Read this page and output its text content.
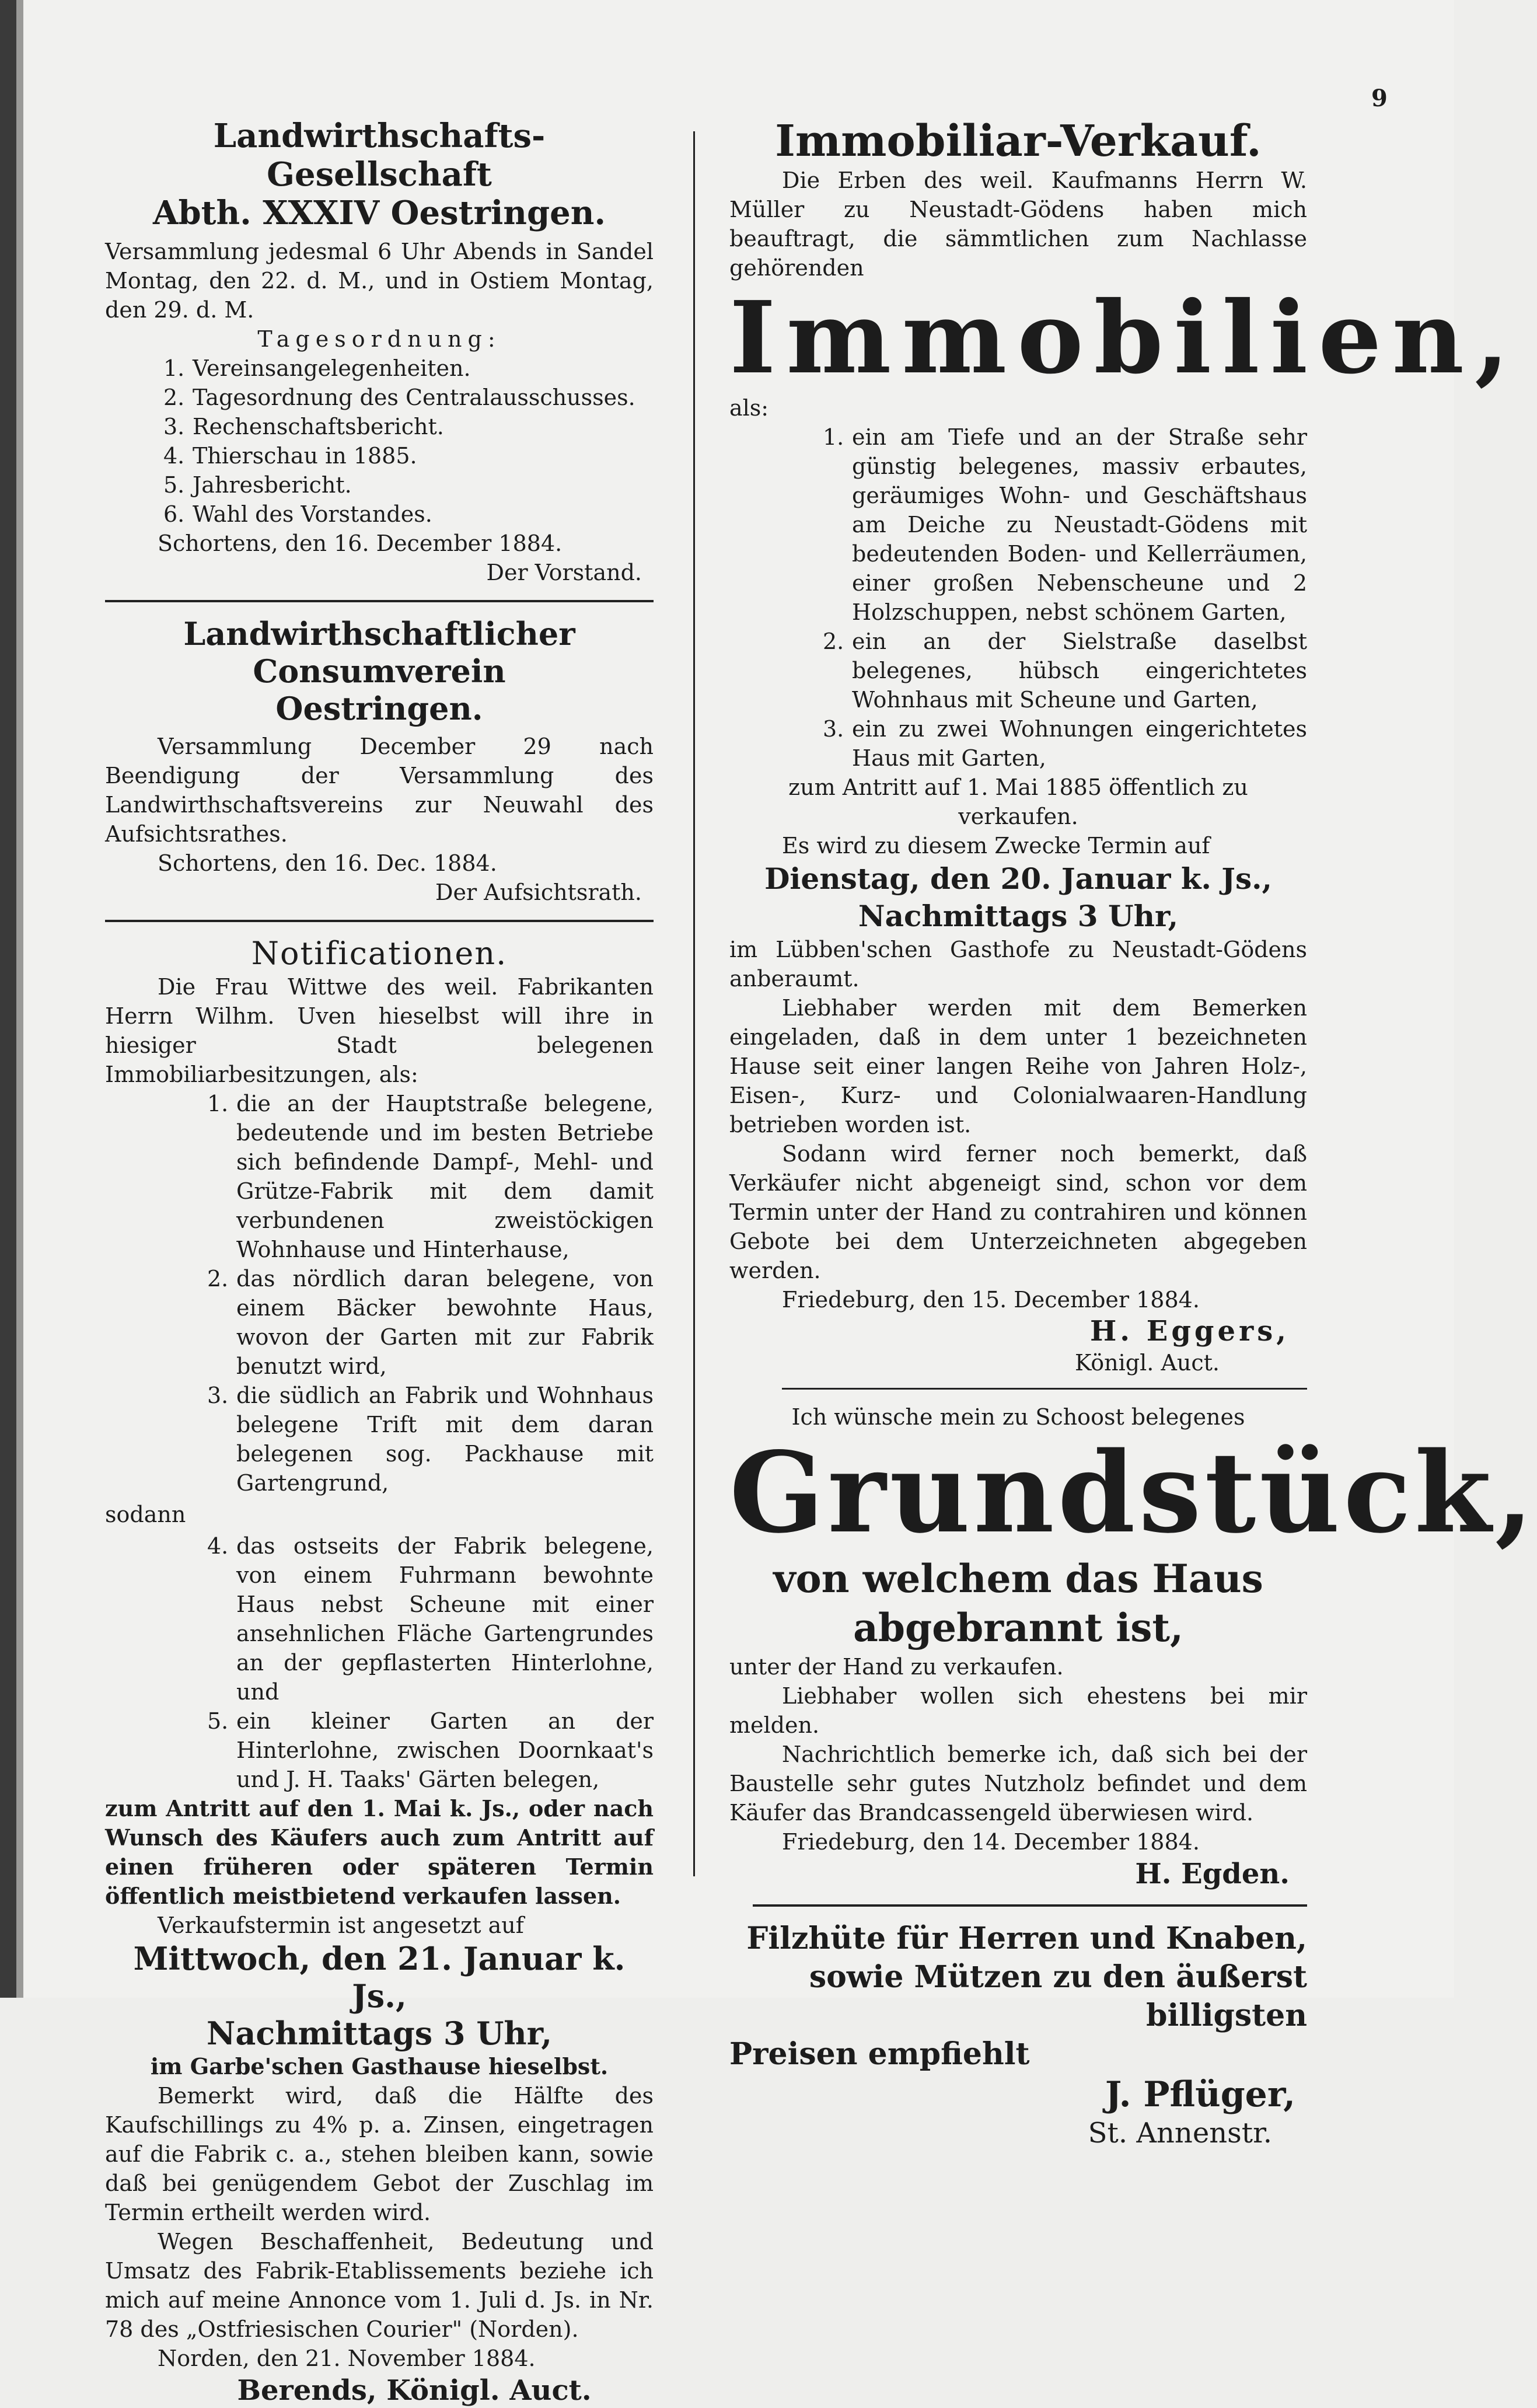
9
Landwirthschafts-Gesellschaft
Abth. XXXIV Oestringen.

Versammlung jedesmal 6 Uhr Abends in Sandel Montag, den 22. d. M., und in Ostiem Montag, den 29. d. M.

Tagesordnung:

1. Vereinsangelegenheiten.
2. Tagesordnung des Centralausschusses.
3. Rechenschaftsbericht.
4. Thierschau in 1885.
5. Jahresbericht.
6. Wahl des Vorstandes.

Schortens, den 16. December 1884.

Der Vorstand.

Landwirthschaftlicher Consumverein
Oestringen.

Versammlung December 29 nach Beendigung der Versammlung des Landwirthschaftsvereins zur Neuwahl des Aufsichtsrathes.

Schortens, den 16. Dec. 1884.

Der Aufsichtsrath.

Notificationen.

Die Frau Wittwe des weil. Fabrikanten Herrn Wilhm. Uven hieselbst will ihre in hiesiger Stadt belegenen Immobiliarbesitzungen, als:

1. die an der Hauptstraße belegene, bedeutende und im besten Betriebe sich befindende Dampf-, Mehl- und Grütze-Fabrik mit dem damit verbundenen zweistöckigen Wohnhause und Hinterhause,
2. das nördlich daran belegene, von einem Bäcker bewohnte Haus, wovon der Garten mit zur Fabrik benutzt wird,
3. die südlich an Fabrik und Wohnhaus belegene Trift mit dem daran belegenen sog. Packhause mit Gartengrund,

sodann

4. das ostseits der Fabrik belegene, von einem Fuhrmann bewohnte Haus nebst Scheune mit einer ansehnlichen Fläche Gartengrundes an der gepflasterten Hinterlohne, und
5. ein kleiner Garten an der Hinterlohne, zwischen Doornkaat's und J. H. Taaks' Gärten belegen,

zum Antritt auf den 1. Mai k. Js., oder nach Wunsch des Käufers auch zum Antritt auf einen früheren oder späteren Termin öffentlich meistbietend verkaufen lassen.

Verkaufstermin ist angesetzt auf

Mittwoch, den 21. Januar k. Js.,

Nachmittags 3 Uhr,

im Garbe'schen Gasthause hieselbst.

Bemerkt wird, daß die Hälfte des Kaufschillings zu 4% p. a. Zinsen, eingetragen auf die Fabrik c. a., stehen bleiben kann, sowie daß bei genügendem Gebot der Zuschlag im Termin ertheilt werden wird.

Wegen Beschaffenheit, Bedeutung und Umsatz des Fabrik-Etablissements beziehe ich mich auf meine Annonce vom 1. Juli d. Js. in Nr. 78 des „Ostfriesischen Courier" (Norden).

Norden, den 21. November 1884.

Berends, Königl. Auct.

Immobiliar-Verkauf.

Die Erben des weil. Kaufmanns Herrn W. Müller zu Neustadt-Gödens haben mich beauftragt, die sämmtlichen zum Nachlasse gehörenden

Immobilien,

als:

1. ein am Tiefe und an der Straße sehr günstig belegenes, massiv erbautes, geräumiges Wohn- und Geschäftshaus am Deiche zu Neustadt-Gödens mit bedeutenden Boden- und Kellerräumen, einer großen Nebenscheune und 2 Holzschuppen, nebst schönem Garten,
2. ein an der Sielstraße daselbst belegenes, hübsch eingerichtetes Wohnhaus mit Scheune und Garten,
3. ein zu zwei Wohnungen eingerichtetes Haus mit Garten,

zum Antritt auf 1. Mai 1885 öffentlich zu verkaufen.

Es wird zu diesem Zwecke Termin auf

Dienstag, den 20. Januar k. Js.,

Nachmittags 3 Uhr,

im Lübben'schen Gasthofe zu Neustadt-Gödens anberaumt.

Liebhaber werden mit dem Bemerken eingeladen, daß in dem unter 1 bezeichneten Hause seit einer langen Reihe von Jahren Holz-, Eisen-, Kurz- und Colonialwaaren-Handlung betrieben worden ist.

Sodann wird ferner noch bemerkt, daß Verkäufer nicht abgeneigt sind, schon vor dem Termin unter der Hand zu contrahiren und können Gebote bei dem Unterzeichneten abgegeben werden.

Friedeburg, den 15. December 1884.

H. Eggers,

Königl. Auct.

Ich wünsche mein zu Schoost belegenes

Grundstück,
von welchem das Haus
abgebrannt ist,

unter der Hand zu verkaufen.

Liebhaber wollen sich ehestens bei mir melden.

Nachrichtlich bemerke ich, daß sich bei der Baustelle sehr gutes Nutzholz befindet und dem Käufer das Brandcassengeld überwiesen wird.

Friedeburg, den 14. December 1884.

H. Egden.

Filzhüte für Herren und Knaben,

sowie Mützen zu den äußerst billigsten

Preisen empfiehlt

J. Pflüger,

St. Annenstr.
